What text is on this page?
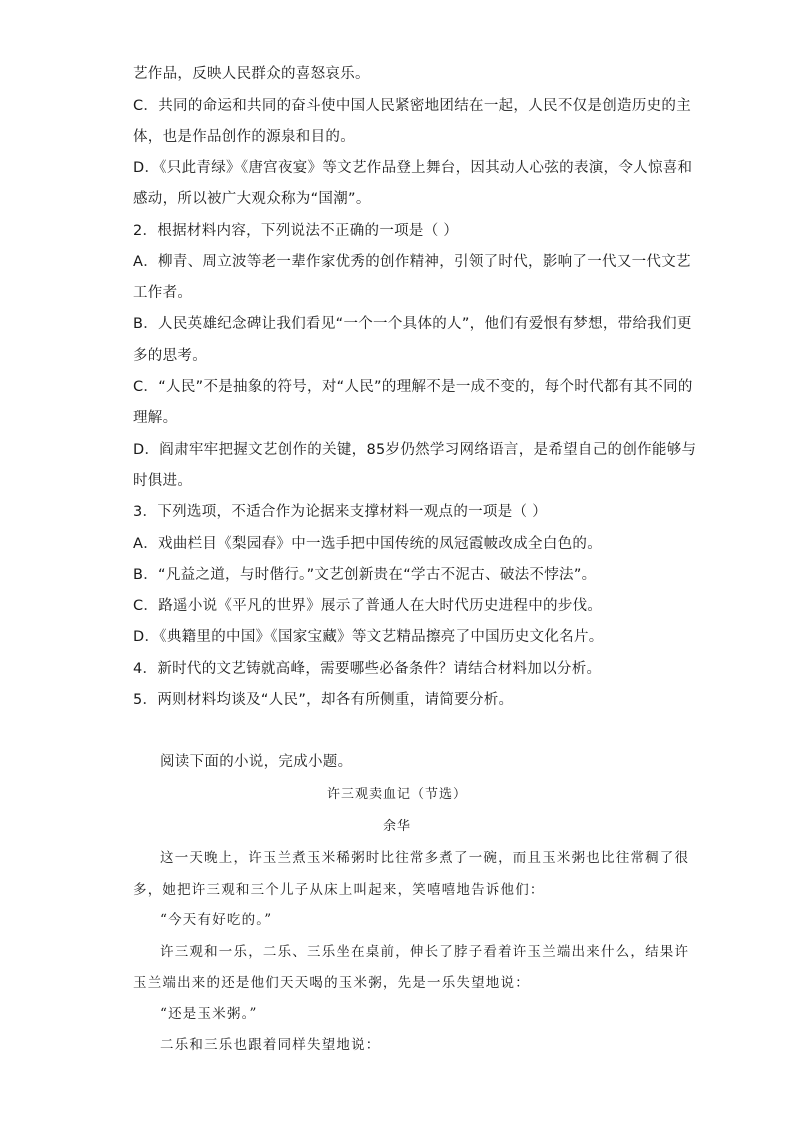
艺作品，反映人民群众的喜怒哀乐。
C．共同的命运和共同的奋斗使中国人民紧密地团结在一起，人民不仅是创造历史的主
体，也是作品创作的源泉和目的。
D．《只此青绿》《唐宫夜宴》等文艺作品登上舞台，因其动人心弦的表演，令人惊喜和
感动，所以被广大观众称为“国潮”。
2．根据材料内容，下列说法不正确的一项是（ ）
A．柳青、周立波等老一辈作家优秀的创作精神，引领了时代，影响了一代又一代文艺
工作者。
B．人民英雄纪念碑让我们看见“一个一个具体的人”，他们有爱恨有梦想，带给我们更
多的思考。
C．“人民”不是抽象的符号，对“人民”的理解不是一成不变的，每个时代都有其不同的
理解。
D．阎肃牢牢把握文艺创作的关键，85岁仍然学习网络语言，是希望自己的创作能够与
时俱进。
3．下列选项，不适合作为论据来支撑材料一观点的一项是（ ）
A．戏曲栏目《梨园春》中一选手把中国传统的凤冠霞帔改成全白色的。
B．“凡益之道，与时偕行。”文艺创新贵在“学古不泥古、破法不悖法”。
C．路遥小说《平凡的世界》展示了普通人在大时代历史进程中的步伐。
D．《典籍里的中国》《国家宝藏》等文艺精品擦亮了中国历史文化名片。
4．新时代的文艺铸就高峰，需要哪些必备条件？请结合材料加以分析。
5．两则材料均谈及“人民”，却各有所侧重，请简要分析。
阅读下面的小说，完成小题。
许三观卖血记（节选）
余华
这一天晚上，许玉兰煮玉米稀粥时比往常多煮了一碗，而且玉米粥也比往常稠了很
多，她把许三观和三个儿子从床上叫起来，笑嘻嘻地告诉他们：
“今天有好吃的。”
许三观和一乐，二乐、三乐坐在桌前，伸长了脖子看着许玉兰端出来什么，结果许
玉兰端出来的还是他们天天喝的玉米粥，先是一乐失望地说：
“还是玉米粥。”
二乐和三乐也跟着同样失望地说：
